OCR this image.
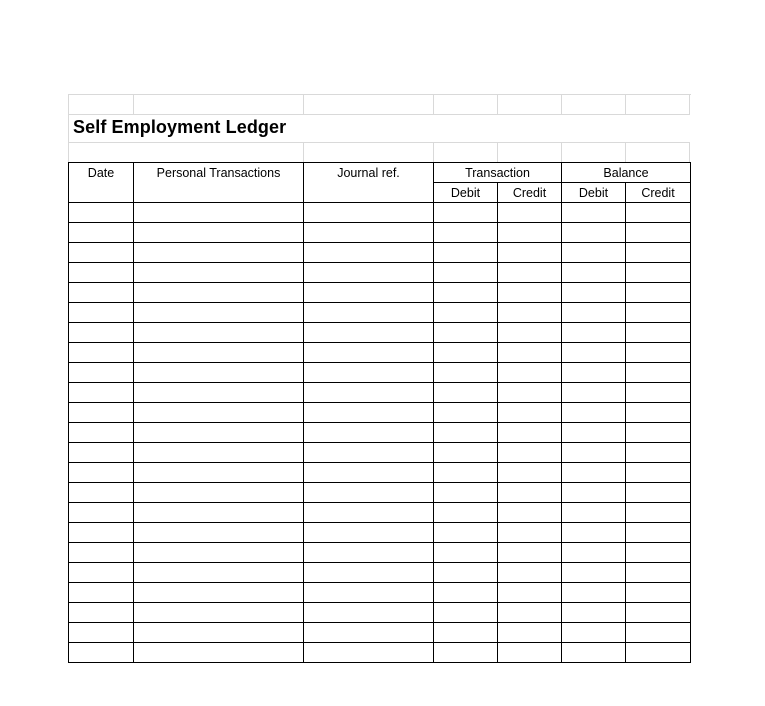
Self Employment Ledger
Date	Personal Transactions	Journal ref.	Transaction		Balance	
			Debit	Credit	Debit	Credit
